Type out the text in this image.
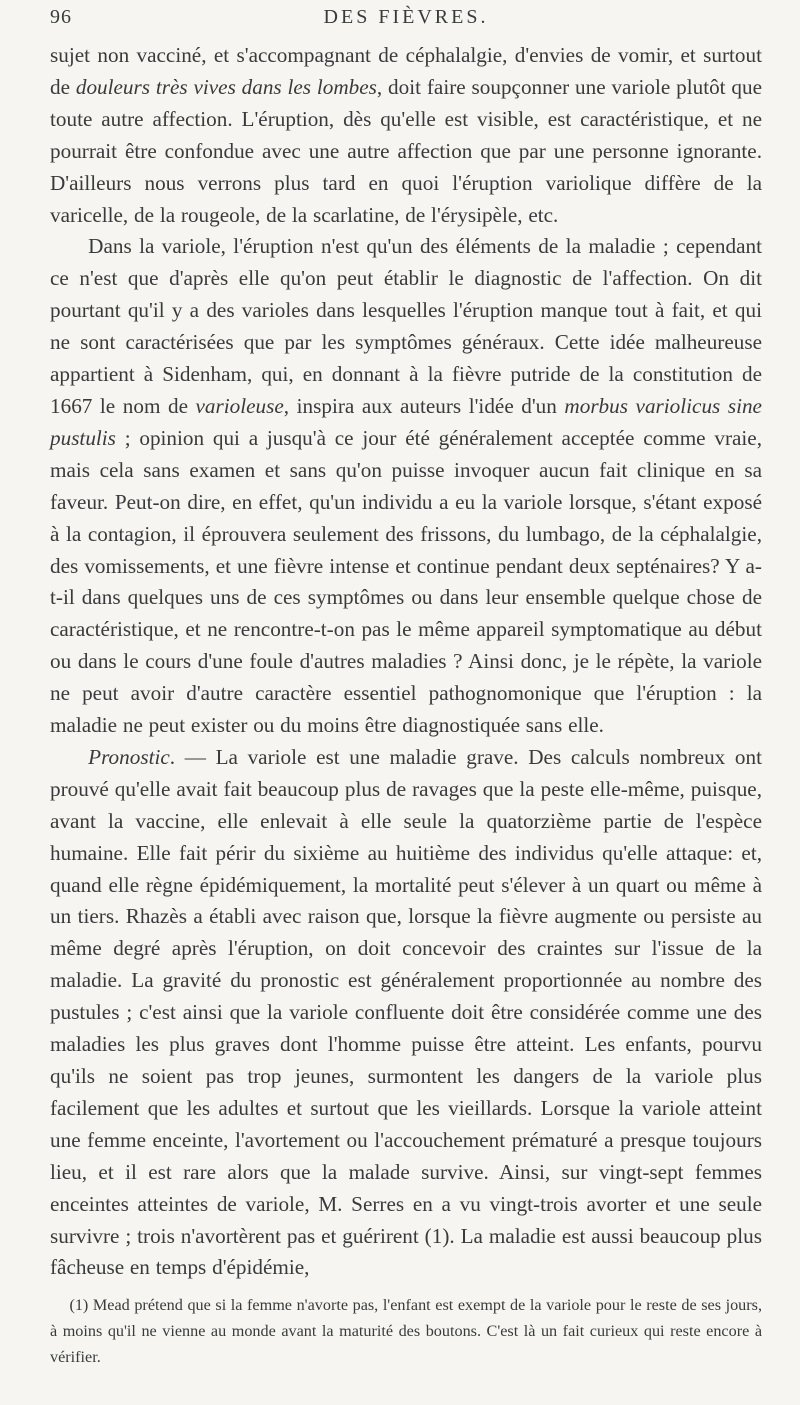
96	DES FIÈVRES.

sujet non vacciné, et s'accompagnant de céphalalgie, d'envies de vomir, et surtout de douleurs très vives dans les lombes, doit faire soupçonner une variole plutôt que toute autre affection. L'éruption, dès qu'elle est visible, est caractéristique, et ne pourrait être confondue avec une autre affection que par une personne ignorante. D'ailleurs nous verrons plus tard en quoi l'éruption variolique diffère de la varicelle, de la rougeole, de la scarlatine, de l'érysipèle, etc.

Dans la variole, l'éruption n'est qu'un des éléments de la maladie ; cependant ce n'est que d'après elle qu'on peut établir le diagnostic de l'affection. On dit pourtant qu'il y a des varioles dans lesquelles l'éruption manque tout à fait, et qui ne sont caractérisées que par les symptômes généraux. Cette idée malheureuse appartient à Sidenham, qui, en donnant à la fièvre putride de la constitution de 1667 le nom de varioleuse, inspira aux auteurs l'idée d'un morbus variolicus sine pustulis ; opinion qui a jusqu'à ce jour été généralement acceptée comme vraie, mais cela sans examen et sans qu'on puisse invoquer aucun fait clinique en sa faveur. Peut-on dire, en effet, qu'un individu a eu la variole lorsque, s'étant exposé à la contagion, il éprouvera seulement des frissons, du lumbago, de la céphalalgie, des vomissements, et une fièvre intense et continue pendant deux septénaires? Y a-t-il dans quelques uns de ces symptômes ou dans leur ensemble quelque chose de caractéristique, et ne rencontre-t-on pas le même appareil symptomatique au début ou dans le cours d'une foule d'autres maladies ? Ainsi donc, je le répète, la variole ne peut avoir d'autre caractère essentiel pathognomonique que l'éruption : la maladie ne peut exister ou du moins être diagnostiquée sans elle.

Pronostic. — La variole est une maladie grave. Des calculs nombreux ont prouvé qu'elle avait fait beaucoup plus de ravages que la peste elle-même, puisque, avant la vaccine, elle enlevait à elle seule la quatorzième partie de l'espèce humaine. Elle fait périr du sixième au huitième des individus qu'elle attaque: et, quand elle règne épidémiquement, la mortalité peut s'élever à un quart ou même à un tiers. Rhazès a établi avec raison que, lorsque la fièvre augmente ou persiste au même degré après l'éruption, on doit concevoir des craintes sur l'issue de la maladie. La gravité du pronostic est généralement proportionnée au nombre des pustules ; c'est ainsi que la variole confluente doit être considérée comme une des maladies les plus graves dont l'homme puisse être atteint. Les enfants, pourvu qu'ils ne soient pas trop jeunes, surmontent les dangers de la variole plus facilement que les adultes et surtout que les vieillards. Lorsque la variole atteint une femme enceinte, l'avortement ou l'accouchement prématuré a presque toujours lieu, et il est rare alors que la malade survive. Ainsi, sur vingt-sept femmes enceintes atteintes de variole, M. Serres en a vu vingt-trois avorter et une seule survivre ; trois n'avortèrent pas et guérirent (1). La maladie est aussi beaucoup plus fâcheuse en temps d'épidémie,

(1) Mead prétend que si la femme n'avorte pas, l'enfant est exempt de la variole pour le reste de ses jours, à moins qu'il ne vienne au monde avant la maturité des boutons. C'est là un fait curieux qui reste encore à vérifier.
